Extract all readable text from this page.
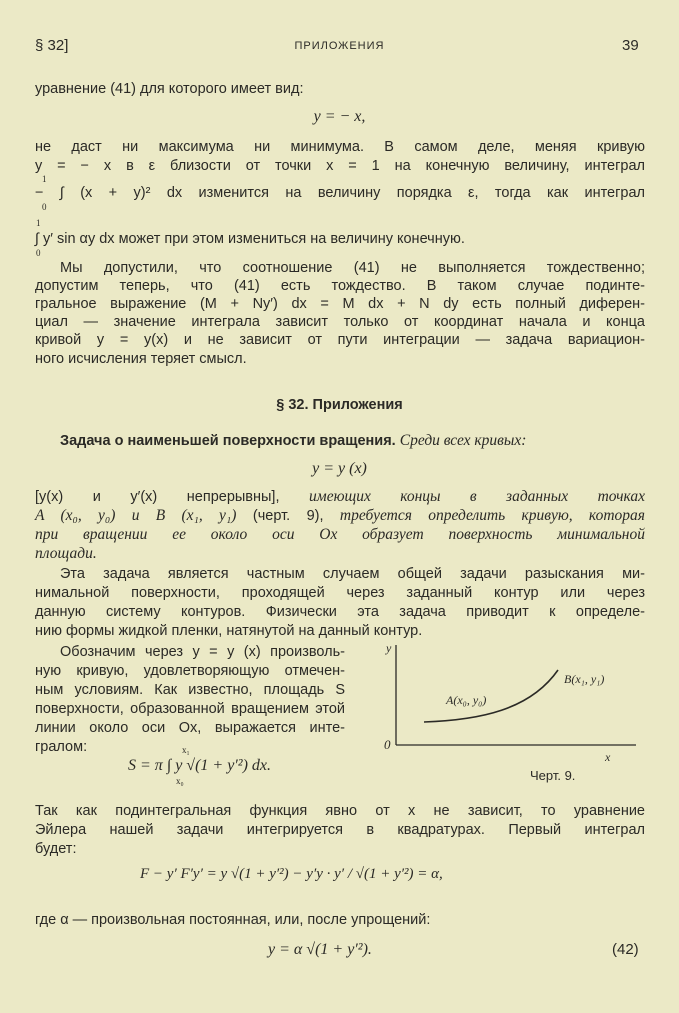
§ 32]	ПРИЛОЖЕНИЯ	39
уравнение (41) для которого имеет вид:
y = − x,
не даст ни максимума ни минимума. В самом деле, меняя кривую
y = − x в ε близости от точки x = 1 на конечную величину, интеграл
1
− ∫ (x + y)² dx изменится на величину порядка ε, тогда как интеграл
0
1
∫ y′ sin αy dx может при этом измениться на величину конечную.
0
Мы допустили, что соотношение (41) не выполняется тождественно;
допустим теперь, что (41) есть тождество. В таком случае подинте-
гральное выражение (M + Ny′) dx = M dx + N dy есть полный диферен-
циал — значение интеграла зависит только от координат начала и конца
кривой y = y(x) и не зависит от пути интеграции — задача вариацион-
ного исчисления теряет смысл.
§ 32. Приложения
Задача о наименьшей поверхности вращения. Среди всех кривых:
y = y (x)
[y(x) и y′(x) непрерывны], имеющих концы в заданных точках
A (x₀, y₀) и B (x₁, y₁) (черт. 9), требуется определить кривую, которая
при вращении ее около оси Ox образует поверхность минимальной
площади.
Эта задача является частным случаем общей задачи разыскания ми-
нимальной поверхности, проходящей через заданный контур или через
данную систему контуров. Физически эта задача приводит к определе-
нию формы жидкой пленки, натянутой на данный контур.
Обозначим через y = y (x) произволь-
ную кривую, удовлетворяющую отмечен-
ным условиям. Как известно, площадь S
поверхности, образованной вращением этой
линии около оси Ox, выражается инте-
гралом:	x₁
S = π ∫ y √(1 + y′²) dx.
x₀
y
x
0
A(x₀, y₀)
B(x₁, y₁)
Черт. 9.
Так как подинтегральная функция явно от x не зависит, то уравнение
Эйлера нашей задачи интегрируется в квадратурах. Первый интеграл
будет:
F − y′ F′y′ = y √(1 + y′²) − y′y · y′ / √(1 + y′²) = α,
где α — произвольная постоянная, или, после упрощений:
y = α √(1 + y′²).	(42)
